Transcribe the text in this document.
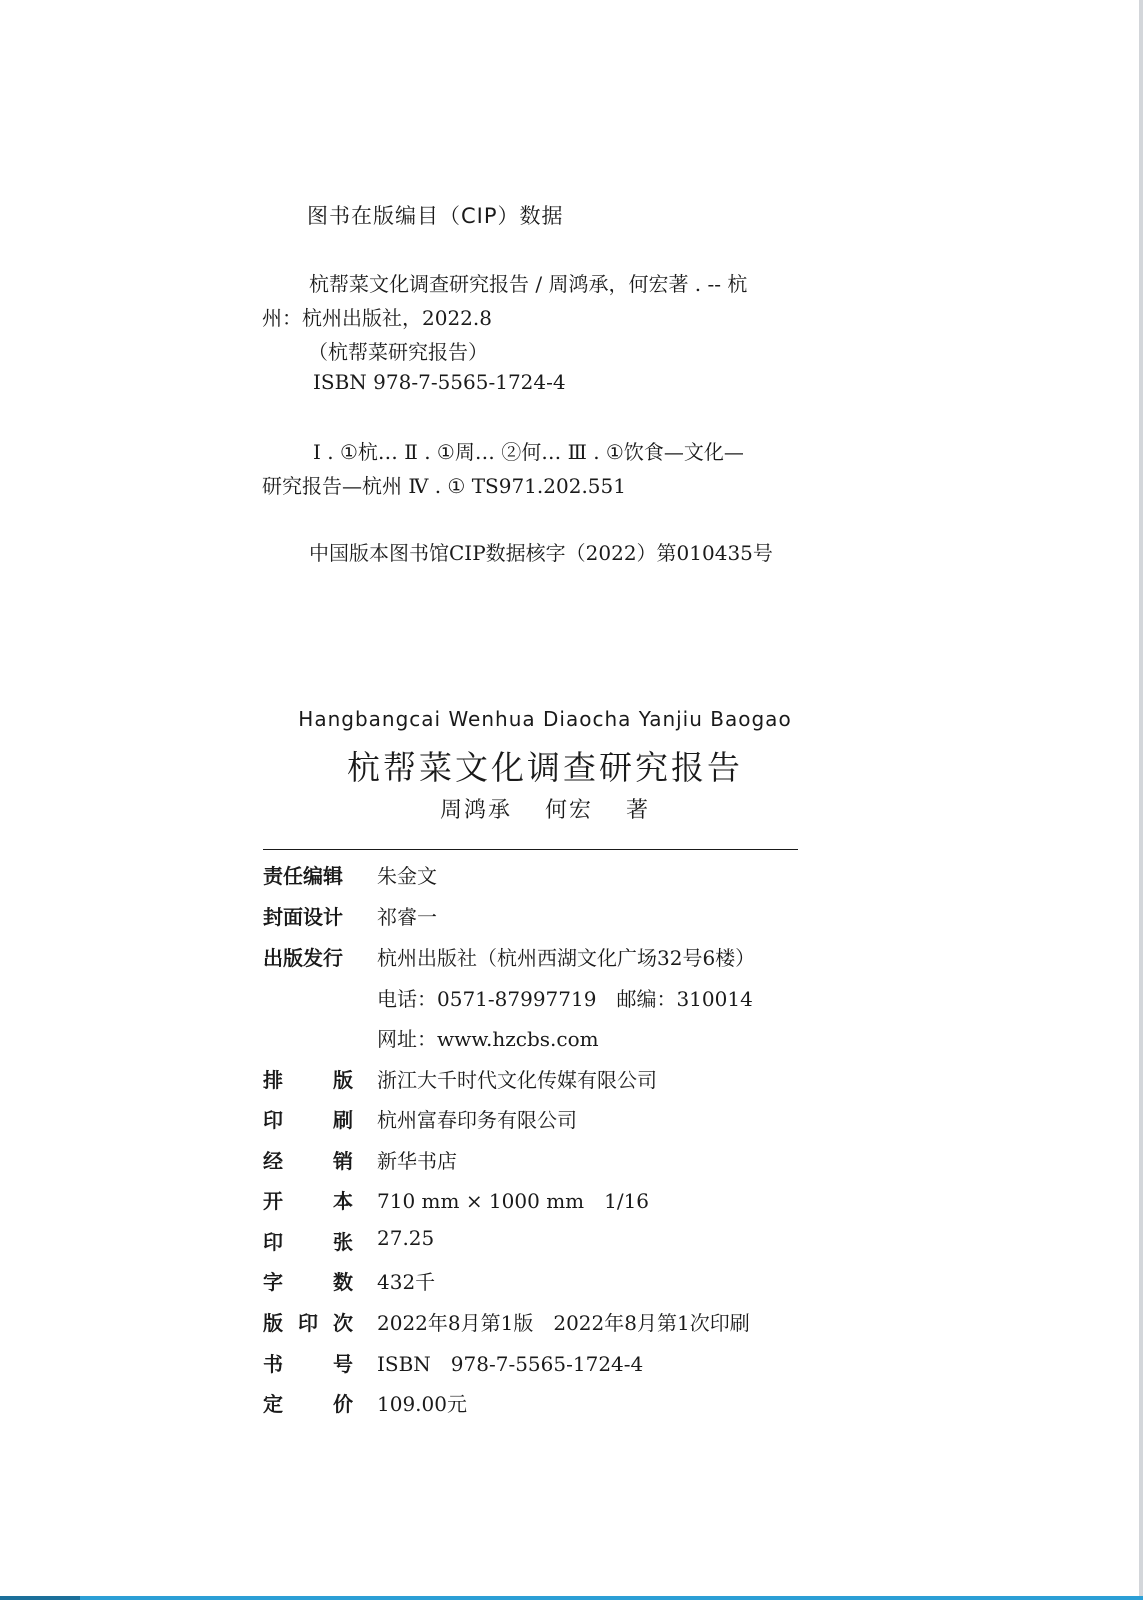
图书在版编目（CIP）数据
杭帮菜文化调查研究报告 / 周鸿承，何宏著 . -- 杭
州：杭州出版社，2022.8
（杭帮菜研究报告）
ISBN 978-7-5565-1724-4
Ⅰ . ①杭… Ⅱ . ①周… ②何… Ⅲ . ①饮食—文化—
研究报告—杭州 Ⅳ . ① TS971.202.551
中国版本图书馆CIP数据核字（2022）第010435号
Hangbangcai Wenhua Diaocha Yanjiu Baogao
杭帮菜文化调查研究报告
周鸿承 何宏 著
责任编辑	朱金文
封面设计	祁睿一
出版发行	杭州出版社（杭州西湖文化广场32号6楼）
电话：0571-87997719　邮编：310014
网址：www.hzcbs.com
排	版 浙江大千时代文化传媒有限公司
印	刷 杭州富春印务有限公司
经	销 新华书店
开	本 710 mm × 1000 mm　1/16
印	张 27.25
字	数 432千
版 印 次 2022年8月第1版　2022年8月第1次印刷
书	号 ISBN　978-7-5565-1724-4
定	价 109.00元
